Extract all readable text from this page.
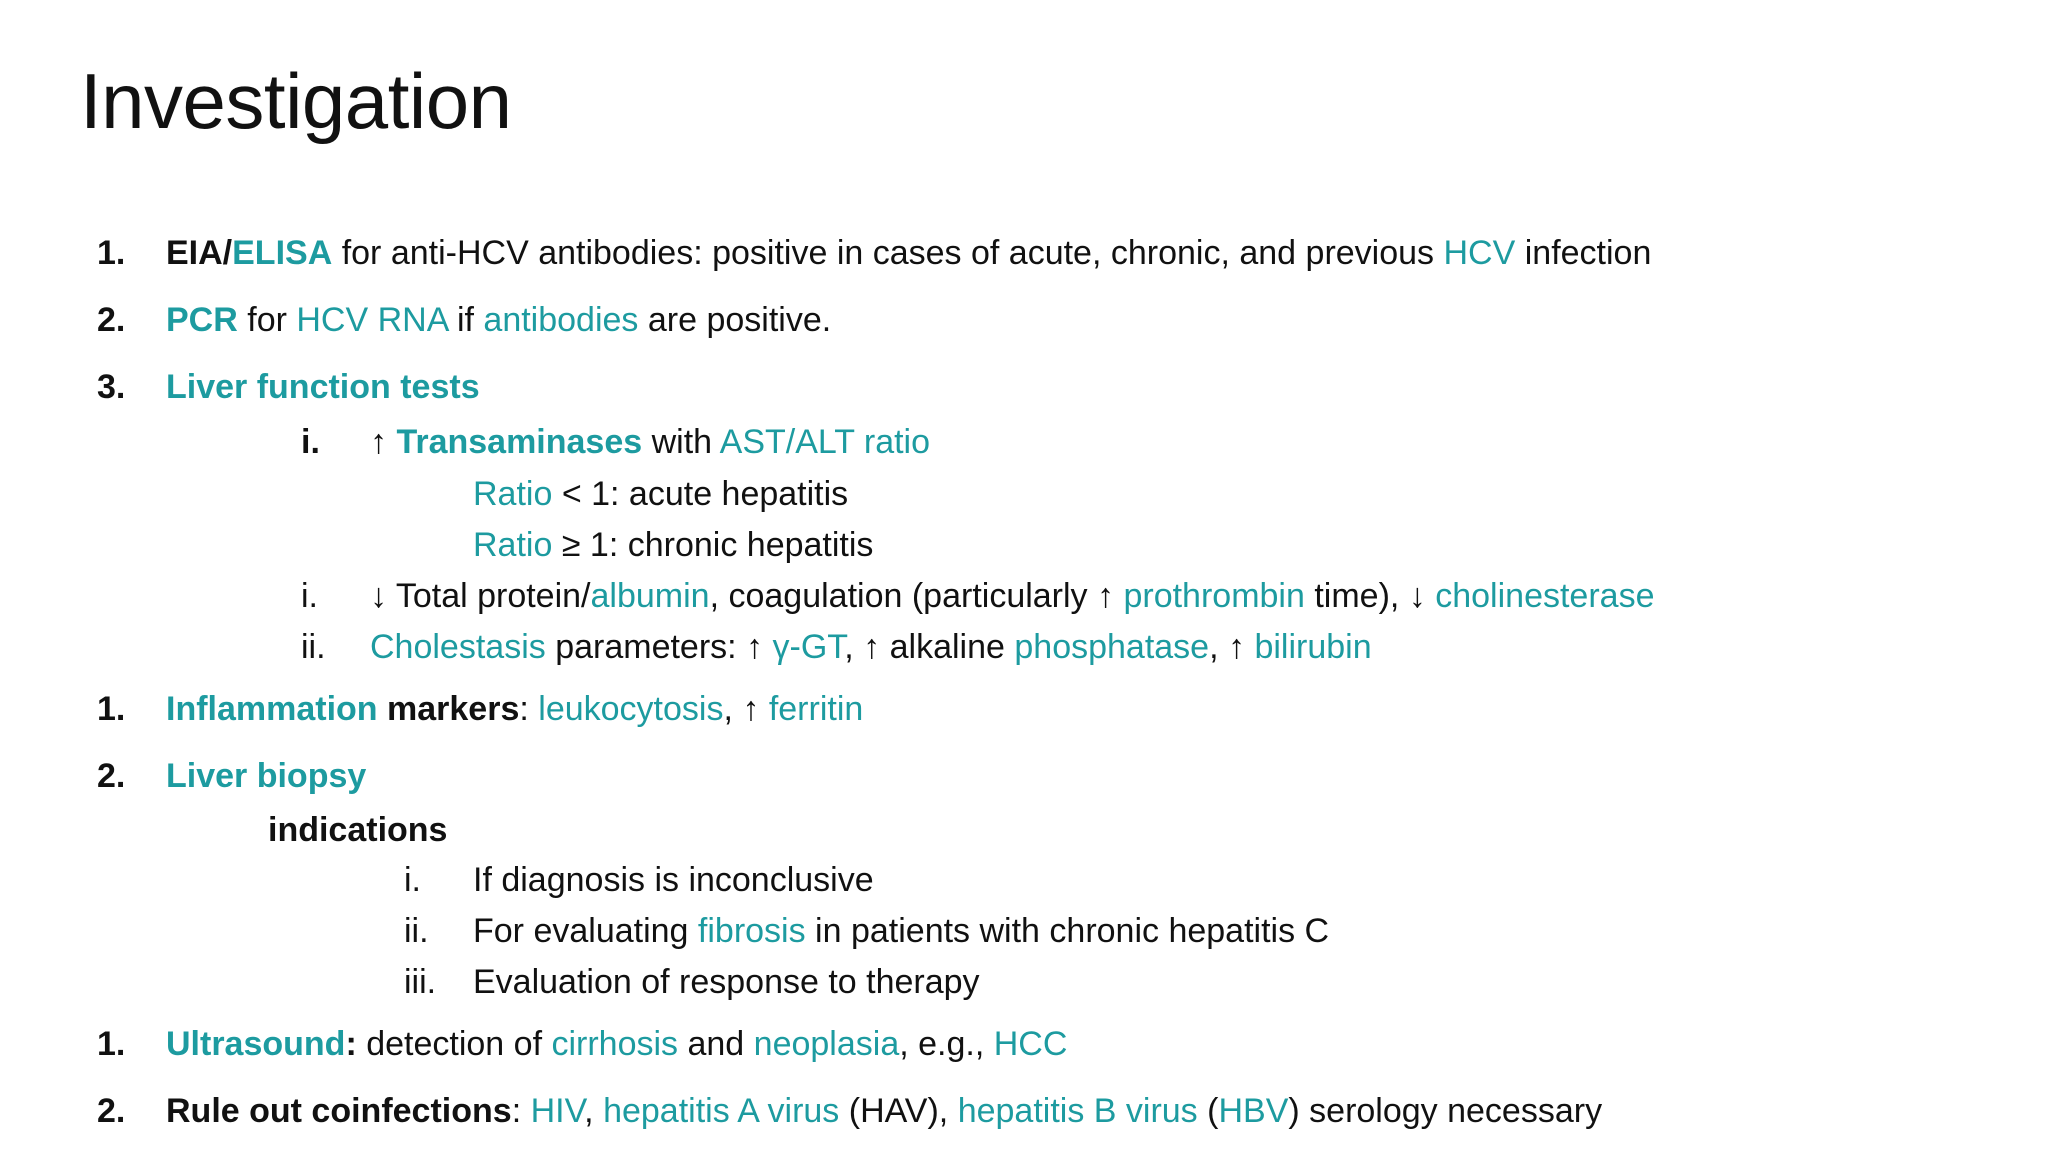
Investigation
1. EIA/ELISA for anti-HCV antibodies: positive in cases of acute, chronic, and previous HCV infection
2. PCR for HCV RNA if antibodies are positive.
3. Liver function tests
i. ↑ Transaminases with AST/ALT ratio
Ratio < 1: acute hepatitis
Ratio ≥ 1: chronic hepatitis
i. ↓ Total protein/albumin, coagulation (particularly ↑ prothrombin time), ↓ cholinesterase
ii. Cholestasis parameters: ↑ γ-GT, ↑ alkaline phosphatase, ↑ bilirubin
1. Inflammation markers: leukocytosis, ↑ ferritin
2. Liver biopsy
indications
i. If diagnosis is inconclusive
ii. For evaluating fibrosis in patients with chronic hepatitis C
iii. Evaluation of response to therapy
1. Ultrasound: detection of cirrhosis and neoplasia, e.g., HCC
2. Rule out coinfections: HIV, hepatitis A virus (HAV), hepatitis B virus (HBV) serology necessary
